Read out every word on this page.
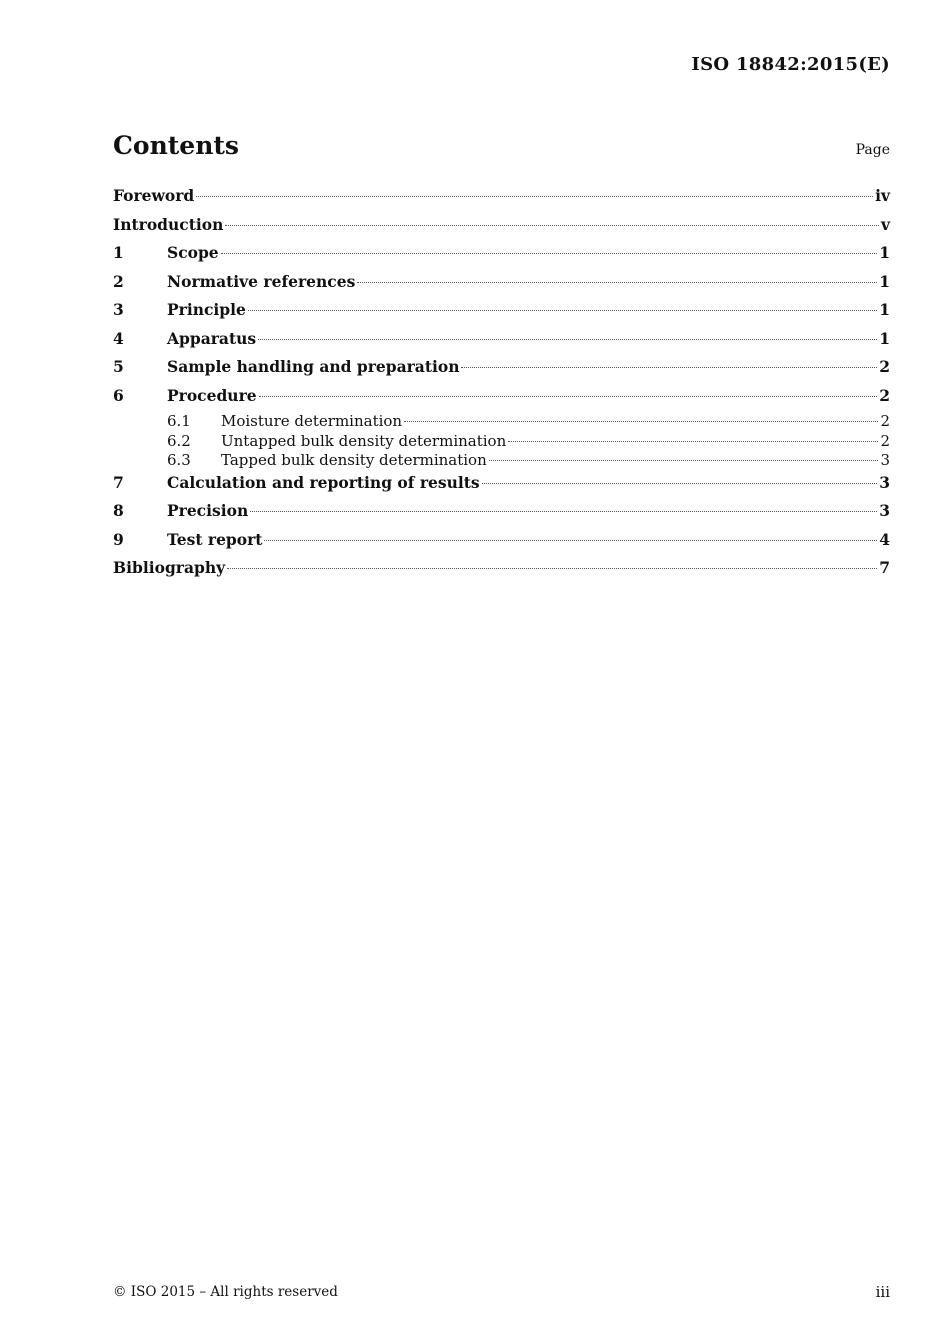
ISO 18842:2015(E)
Contents	Page
Foreword	iv
Introduction	v
1	Scope	1
2	Normative references	1
3	Principle	1
4	Apparatus	1
5	Sample handling and preparation	2
6	Procedure	2
6.1	Moisture determination	2
6.2	Untapped bulk density determination	2
6.3	Tapped bulk density determination	3
7	Calculation and reporting of results	3
8	Precision	3
9	Test report	4
Bibliography	7
© ISO 2015 – All rights reserved	iii
